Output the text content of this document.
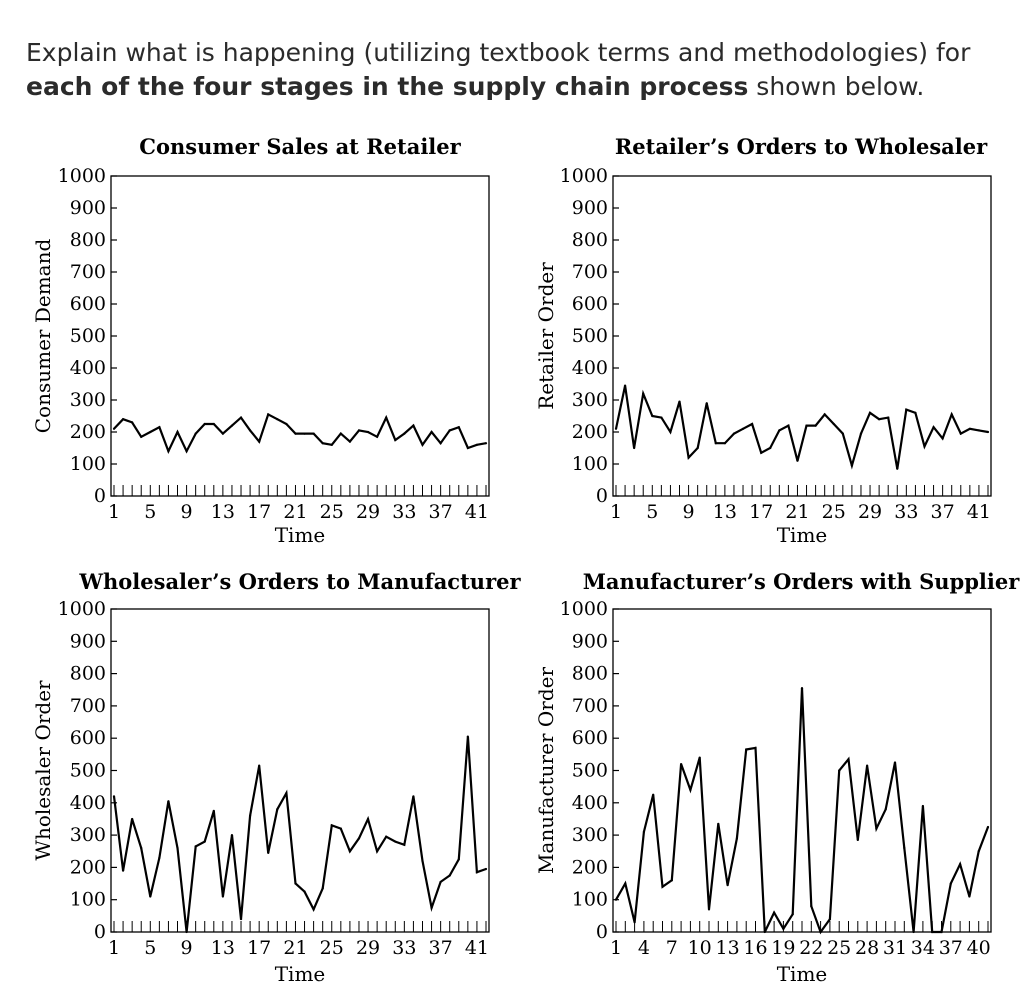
Explain what is happening (utilizing textbook terms and methodologies) for
each of the four stages in the supply chain process shown below.
Consumer Sales at Retailer
0
100
200
300
400
500
600
700
800
900
1000
1 5 9 13 17 21 25 29 33 37 41
Time
Consumer Demand
Retailer’s Orders to Wholesaler
0
100
200
300
400
500
600
700
800
900
1000
1 5 9 13 17 21 25 29 33 37 41
Time
Retailer Order
Wholesaler’s Orders to Manufacturer
0
100
200
300
400
500
600
700
800
900
1000
1 5 9 13 17 21 25 29 33 37 41
Time
Wholesaler Order
Manufacturer’s Orders with Supplier
0
100
200
300
400
500
600
700
800
900
1000
1 4 7 10 13 16 19 22 25 28 31 34 37 40
Time
Manufacturer Order
